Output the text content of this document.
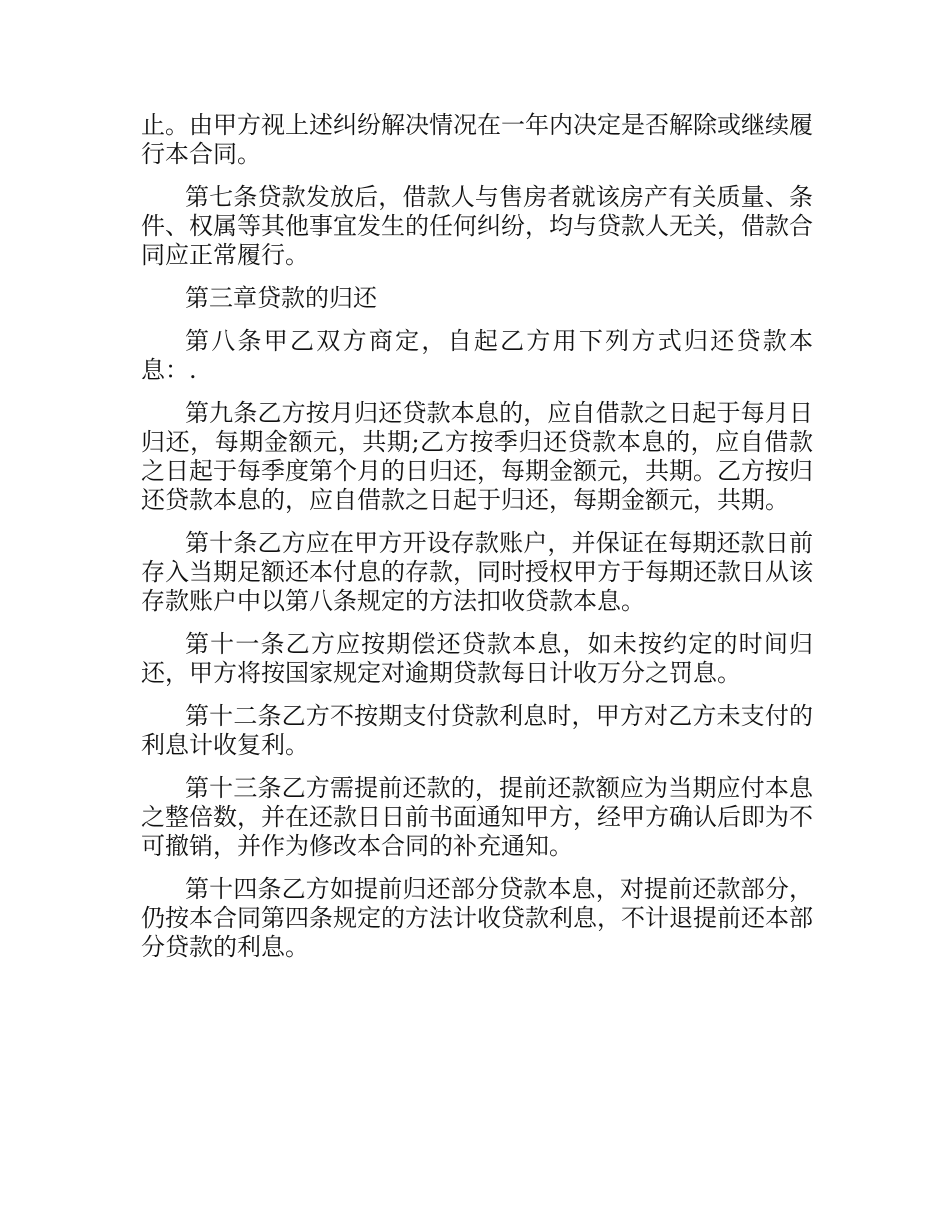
止。由甲方视上述纠纷解决情况在一年内决定是否解除或继续履行本合同。

第七条贷款发放后，借款人与售房者就该房产有关质量、条件、权属等其他事宜发生的任何纠纷，均与贷款人无关，借款合同应正常履行。

第三章贷款的归还

第八条甲乙双方商定，自起乙方用下列方式归还贷款本息：.

第九条乙方按月归还贷款本息的，应自借款之日起于每月日归还，每期金额元，共期;乙方按季归还贷款本息的，应自借款之日起于每季度第个月的日归还，每期金额元，共期。乙方按归还贷款本息的，应自借款之日起于归还，每期金额元，共期。

第十条乙方应在甲方开设存款账户，并保证在每期还款日前存入当期足额还本付息的存款，同时授权甲方于每期还款日从该存款账户中以第八条规定的方法扣收贷款本息。

第十一条乙方应按期偿还贷款本息，如未按约定的时间归还，甲方将按国家规定对逾期贷款每日计收万分之罚息。

第十二条乙方不按期支付贷款利息时，甲方对乙方未支付的利息计收复利。

第十三条乙方需提前还款的，提前还款额应为当期应付本息之整倍数，并在还款日日前书面通知甲方，经甲方确认后即为不可撤销，并作为修改本合同的补充通知。

第十四条乙方如提前归还部分贷款本息，对提前还款部分，仍按本合同第四条规定的方法计收贷款利息，不计退提前还本部分贷款的利息。
